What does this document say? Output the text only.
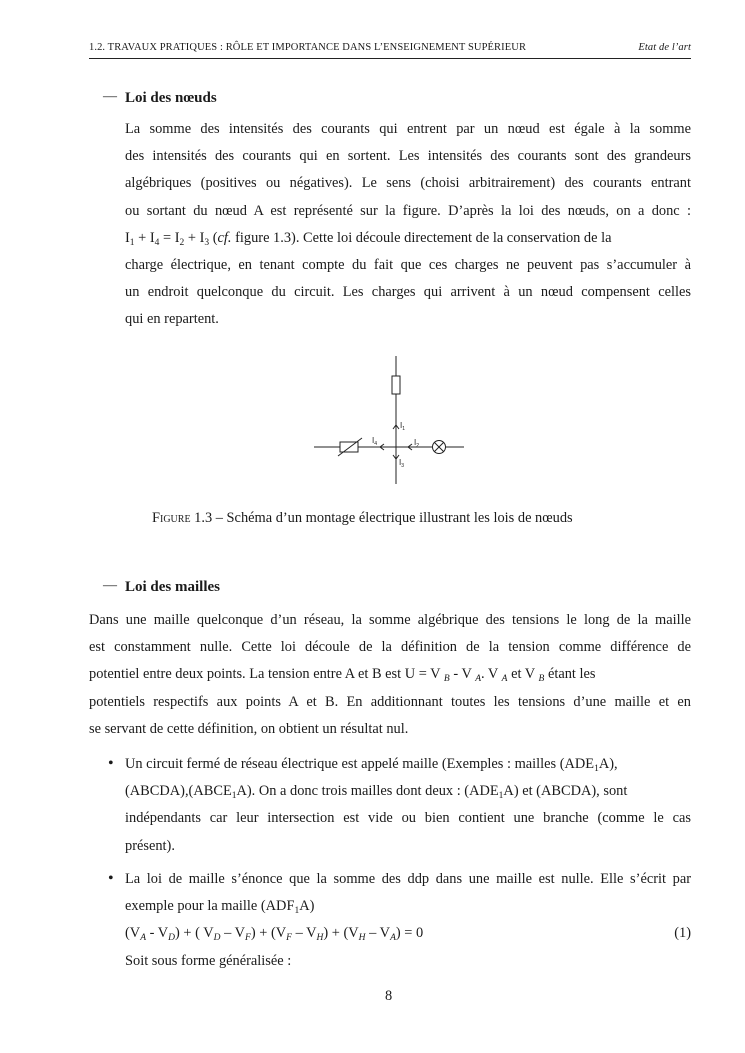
1.2. TRAVAUX PRATIQUES : RÔLE ET IMPORTANCE DANS L’ENSEIGNEMENT SUPÉRIEUR	Etat de l’art
— Loi des nœuds
La somme des intensités des courants qui entrent par un nœud est égale à la somme
des intensités des courants qui en sortent. Les intensités des courants sont des grandeurs
algébriques (positives ou négatives). Le sens (choisi arbitrairement) des courants entrant
ou sortant du nœud A est représenté sur la figure. D’après la loi des nœuds, on a donc :
$I_1 + I_4 = I_2 + I_3$ (cf. figure 1.3). Cette loi découle directement de la conservation de la
charge électrique, en tenant compte du fait que ces charges ne peuvent pas s’accumuler à
un endroit quelconque du circuit. Les charges qui arrivent à un nœud compensent celles
qui en repartent.
$I_1$
$I_2$
$I_3$
$I_4$
Figure 1.3 – Schéma d’un montage électrique illustrant les lois de nœuds
— Loi des mailles
Dans une maille quelconque d’un réseau, la somme algébrique des tensions le long de la maille
est constamment nulle. Cette loi découle de la définition de la tension comme différence de
potentiel entre deux points. La tension entre A et B est U = V $_B$ - V $_A$. V $_A$ et V $_B$ étant les
potentiels respectifs aux points A et B. En additionnant toutes les tensions d’une maille et en
se servant de cette définition, on obtient un résultat nul.
• Un circuit fermé de réseau électrique est appelé maille (Exemples : mailles $(ADE_1A)$,
$(ABCDA),(ABCE_1A)$. On a donc trois mailles dont deux : $(ADE_1A)$ et (ABCDA), sont
indépendants car leur intersection est vide ou bien contient une branche (comme le cas
présent).
• La loi de maille s’énonce que la somme des ddp dans une maille est nulle. Elle s’écrit par
exemple pour la maille $(ADF_1A)$
$(V_A - V_D)$ + ( $V_D - V_F) + (V_F - V_H) + (V_H - V_A) = 0$	(1)
Soit sous forme généralisée :
8
